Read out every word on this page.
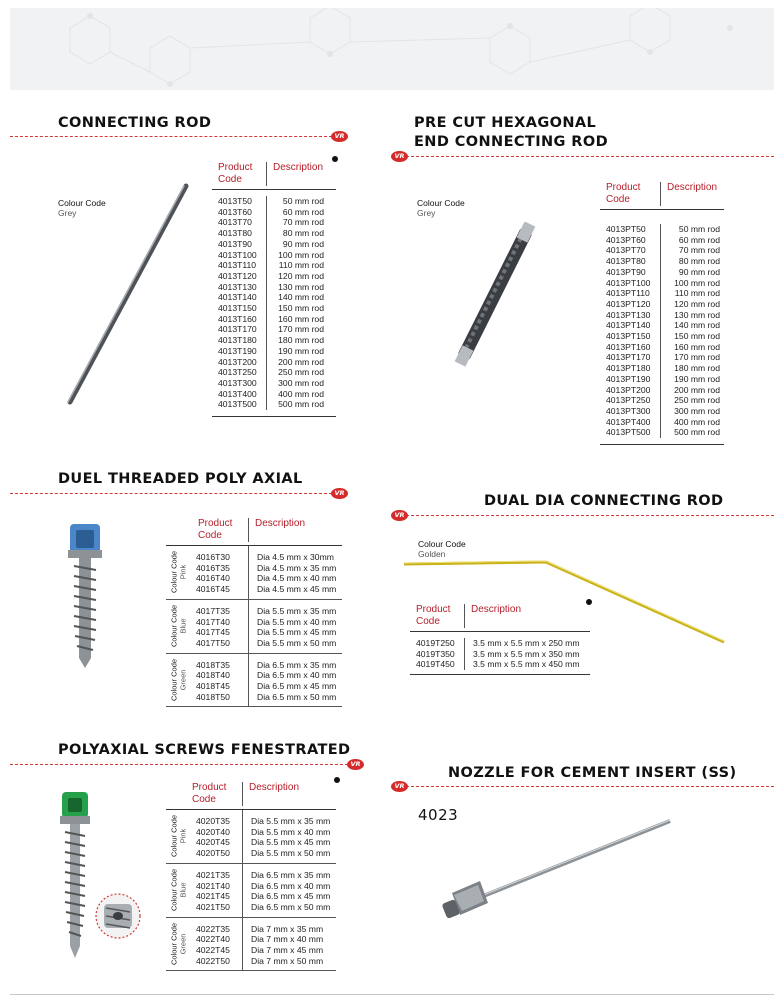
CONNECTING ROD
VR
Colour Code
Grey
Product Code
Description
4013T50
4013T60
4013T70
4013T80
4013T90
4013T100
4013T110
4013T120
4013T130
4013T140
4013T150
4013T160
4013T170
4013T180
4013T190
4013T200
4013T250
4013T300
4013T400
4013T500
50 mm rod
60 mm rod
70 mm rod
80 mm rod
90 mm rod
100 mm rod
110 mm rod
120 mm rod
130 mm rod
140 mm rod
150 mm rod
160 mm rod
170 mm rod
180 mm rod
190 mm rod
200 mm rod
250 mm rod
300 mm rod
400 mm rod
500 mm rod
PRE CUT HEXAGONAL
END CONNECTING ROD
VR
Colour Code
Grey
Product Code
Description
4013PT50
4013PT60
4013PT70
4013PT80
4013PT90
4013PT100
4013PT110
4013PT120
4013PT130
4013PT140
4013PT150
4013PT160
4013PT170
4013PT180
4013PT190
4013PT200
4013PT250
4013PT300
4013PT400
4013PT500
50 mm rod
60 mm rod
70 mm rod
80 mm rod
90 mm rod
100 mm rod
110 mm rod
120 mm rod
130 mm rod
140 mm rod
150 mm rod
160 mm rod
170 mm rod
180 mm rod
190 mm rod
200 mm rod
250 mm rod
300 mm rod
400 mm rod
500 mm rod
DUEL THREADED POLY AXIAL
VR
Product Code
Description
Colour Code Pink
4016T30
4016T35
4016T40
4016T45
Dia 4.5 mm x 30mm
Dia 4.5 mm x 35 mm
Dia 4.5 mm x 40 mm
Dia 4.5 mm x 45 mm
Colour Code Blue
4017T35
4017T40
4017T45
4017T50
Dia 5.5 mm x 35 mm
Dia 5.5 mm x 40 mm
Dia 5.5 mm x 45 mm
Dia 5.5 mm x 50 mm
Colour Code Green
4018T35
4018T40
4018T45
4018T50
Dia 6.5 mm x 35 mm
Dia 6.5 mm x 40 mm
Dia 6.5 mm x 45 mm
Dia 6.5 mm x 50 mm
DUAL DIA CONNECTING ROD
VR
Colour Code
Golden
Product Code
Description
4019T250
4019T350
4019T450
3.5 mm x 5.5 mm x 250 mm
3.5 mm x 5.5 mm x 350 mm
3.5 mm x 5.5 mm x 450 mm
POLYAXIAL SCREWS FENESTRATED
VR
Product Code
Description
Colour Code Pink
4020T35
4020T40
4020T45
4020T50
Dia 5.5 mm x 35 mm
Dia 5.5 mm x 40 mm
Dia 5.5 mm x 45 mm
Dia 5.5 mm x 50 mm
Colour Code Blue
4021T35
4021T40
4021T45
4021T50
Dia 6.5 mm x 35 mm
Dia 6.5 mm x 40 mm
Dia 6.5 mm x 45 mm
Dia 6.5 mm x 50 mm
Colour Code Green
4022T35
4022T40
4022T45
4022T50
Dia 7 mm x 35 mm
Dia 7 mm x 40 mm
Dia 7 mm x 45 mm
Dia 7 mm x 50 mm
NOZZLE FOR CEMENT INSERT (SS)
VR
4023
